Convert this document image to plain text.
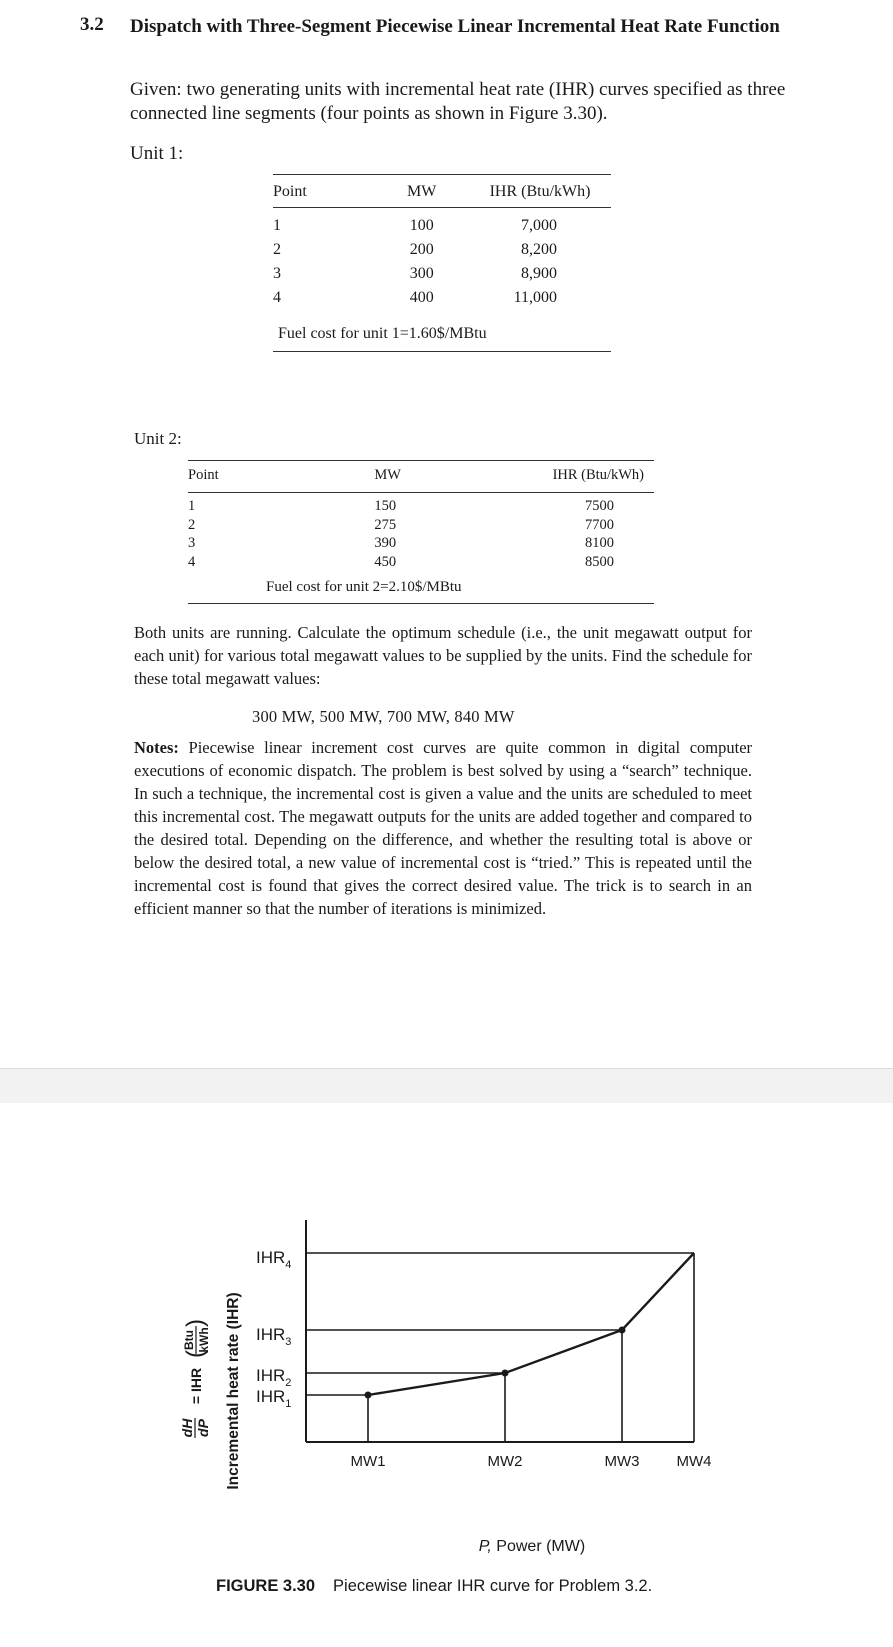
3.2 Dispatch with Three-Segment Piecewise Linear Incremental Heat Rate Function
Given: two generating units with incremental heat rate (IHR) curves specified as three connected line segments (four points as shown in Figure 3.30).
Unit 1:
Point	MW	IHR (Btu/kWh)
1	100	7,000
2	200	8,200
3	300	8,900
4	400	11,000
Fuel cost for unit 1=1.60$/MBtu
Unit 2:
Point	MW	IHR (Btu/kWh)
1	150	7500
2	275	7700
3	390	8100
4	450	8500
Fuel cost for unit 2=2.10$/MBtu
Both units are running. Calculate the optimum schedule (i.e., the unit megawatt output for each unit) for various total megawatt values to be supplied by the units. Find the schedule for these total megawatt values:
300 MW, 500 MW, 700 MW, 840 MW
Notes: Piecewise linear increment cost curves are quite common in digital computer executions of economic dispatch. The problem is best solved by using a “search” technique. In such a technique, the incremental cost is given a value and the units are scheduled to meet this incremental cost. The megawatt outputs for the units are added together and compared to the desired total. Depending on the difference, and whether the resulting total is above or below the desired total, a new value of incremental cost is “tried.” This is repeated until the incremental cost is found that gives the correct desired value. The trick is to search in an efficient manner so that the number of iterations is minimized.
$IHR_4$
$IHR_3$
$IHR_2$
$IHR_1$
MW1	MW2	MW3 MW4
P, Power (MW)
Incremental heat rate (IHR)
dH dP
= IHR
Btu kWh
(
)
FIGURE 3.30 Piecewise linear IHR curve for Problem 3.2.
